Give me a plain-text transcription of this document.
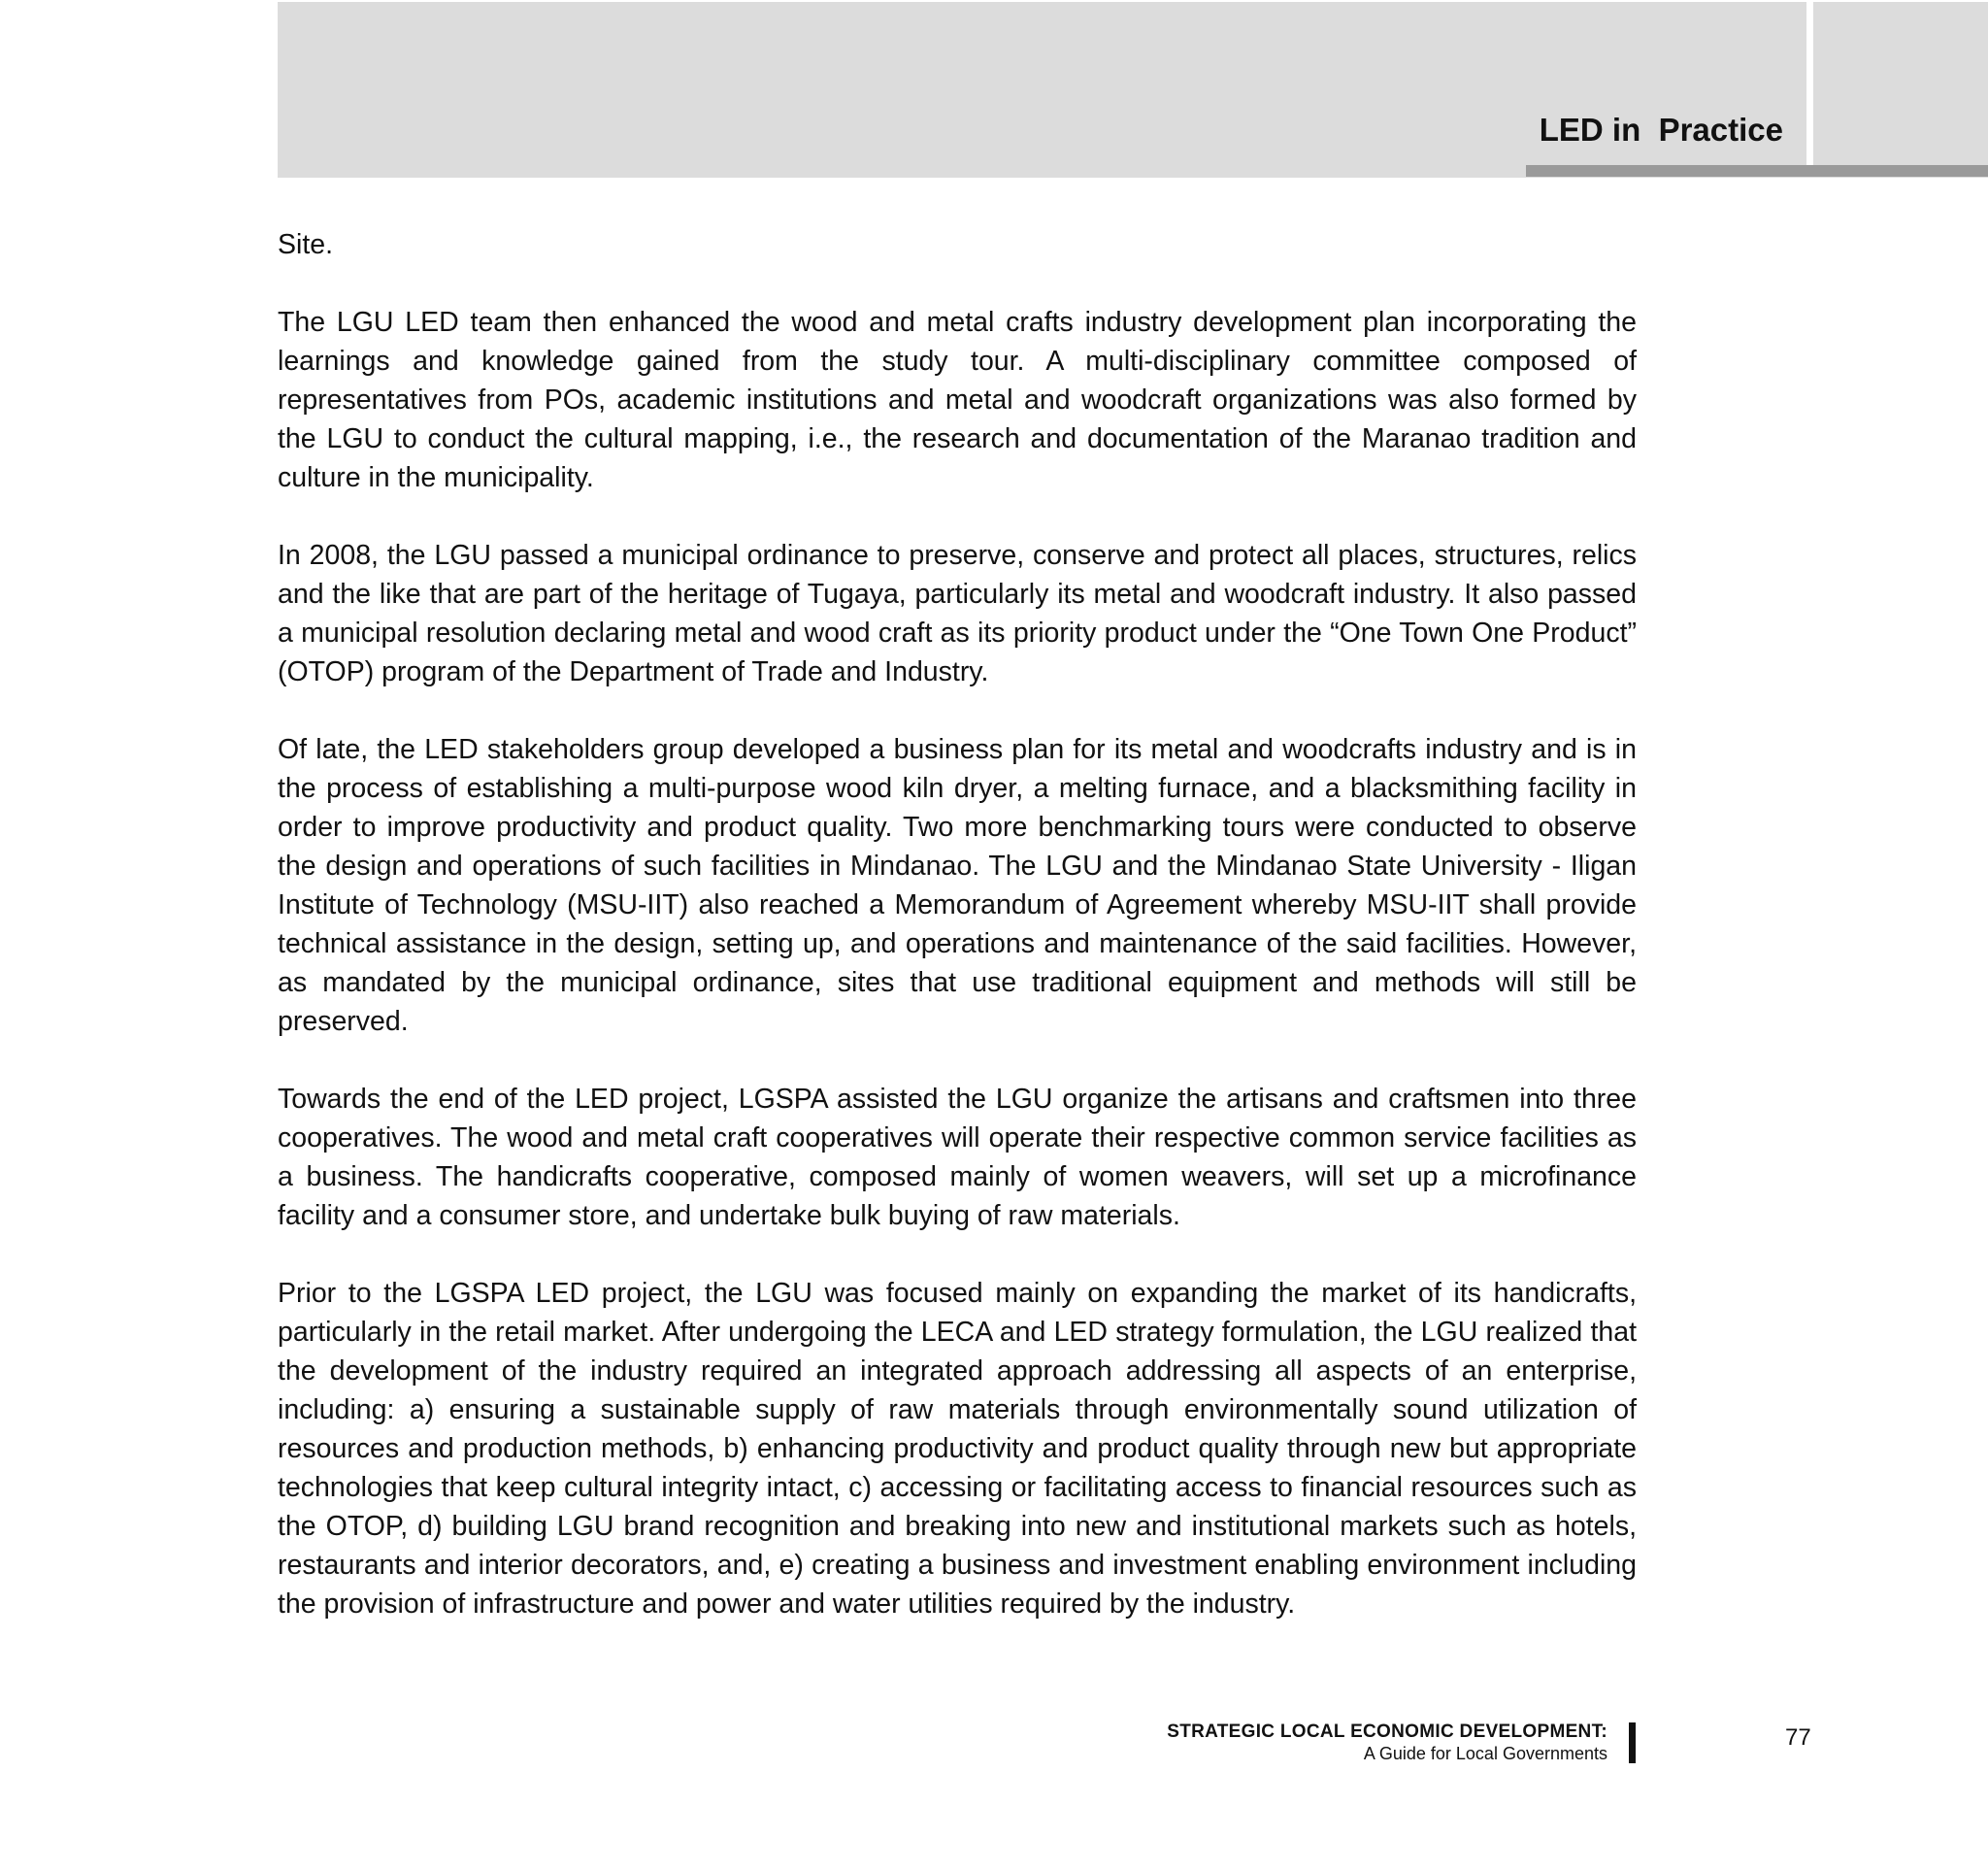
LED in  Practice

Site.

The LGU LED team then enhanced the wood and metal crafts industry development plan incorporating the learnings and knowledge gained from the study tour. A multi-disciplinary committee composed of representatives from POs, academic institutions and metal and woodcraft organizations was also formed by the LGU to conduct the cultural mapping, i.e., the research and documentation of the Maranao tradition and culture in the municipality.

In 2008, the LGU passed a municipal ordinance to preserve, conserve and protect all places, structures, relics and the like that are part of the heritage of Tugaya, particularly its metal and woodcraft industry. It also passed a municipal resolution declaring metal and wood craft as its priority product under the “One Town One Product” (OTOP) program of the Department of Trade and Industry.

Of late, the LED stakeholders group developed a business plan for its metal and woodcrafts industry and is in the process of establishing a multi-purpose wood kiln dryer, a melting furnace, and a blacksmithing facility in order to improve productivity and product quality. Two more benchmarking tours were conducted to observe the design and operations of such facilities in Mindanao. The LGU and the Mindanao State University - Iligan Institute of Technology (MSU-IIT) also reached a Memorandum of Agreement whereby MSU-IIT shall provide technical assistance in the design, setting up, and operations and maintenance of the said facilities. However, as mandated by the municipal ordinance, sites that use traditional equipment and methods will still be preserved.

Towards the end of the LED project, LGSPA assisted the LGU organize the artisans and craftsmen into three cooperatives. The wood and metal craft cooperatives will operate their respective common service facilities as a business. The handicrafts cooperative, composed mainly of women weavers, will set up a microfinance facility and a consumer store, and undertake bulk buying of raw materials.

Prior to the LGSPA LED project, the LGU was focused mainly on expanding the market of its handicrafts, particularly in the retail market. After undergoing the LECA and LED strategy formulation, the LGU realized that the development of the industry required an integrated approach addressing all aspects of an enterprise, including: a) ensuring a sustainable supply of raw materials through environmentally sound utilization of resources and production methods, b) enhancing productivity and product quality through new but appropriate technologies that keep cultural integrity intact, c) accessing or facilitating access to financial resources such as the OTOP, d) building LGU brand recognition and breaking into new and institutional markets such as hotels, restaurants and interior decorators, and, e) creating a business and investment enabling environment including the provision of infrastructure and power and water utilities required by the industry.

STRATEGIC LOCAL ECONOMIC DEVELOPMENT:
A Guide for Local Governments
77
